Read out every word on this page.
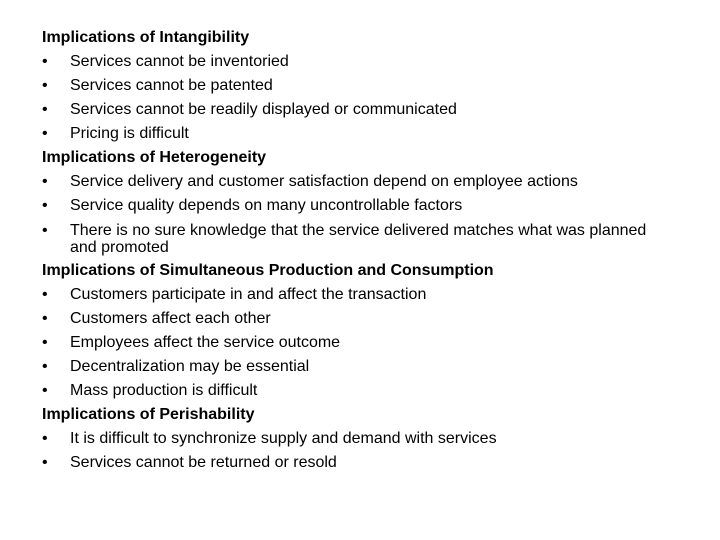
Implications of Intangibility
• Services cannot be inventoried
• Services cannot be patented
• Services cannot be readily displayed or communicated
• Pricing is difficult
Implications of Heterogeneity
• Service delivery and customer satisfaction depend on employee actions
• Service quality depends on many uncontrollable factors
• There is no sure knowledge that the service delivered matches what was planned and promoted
Implications of Simultaneous Production and Consumption
• Customers participate in and affect the transaction
• Customers affect each other
• Employees affect the service outcome
• Decentralization may be essential
• Mass production is difficult
Implications of Perishability
• It is difficult to synchronize supply and demand with services
• Services cannot be returned or resold
